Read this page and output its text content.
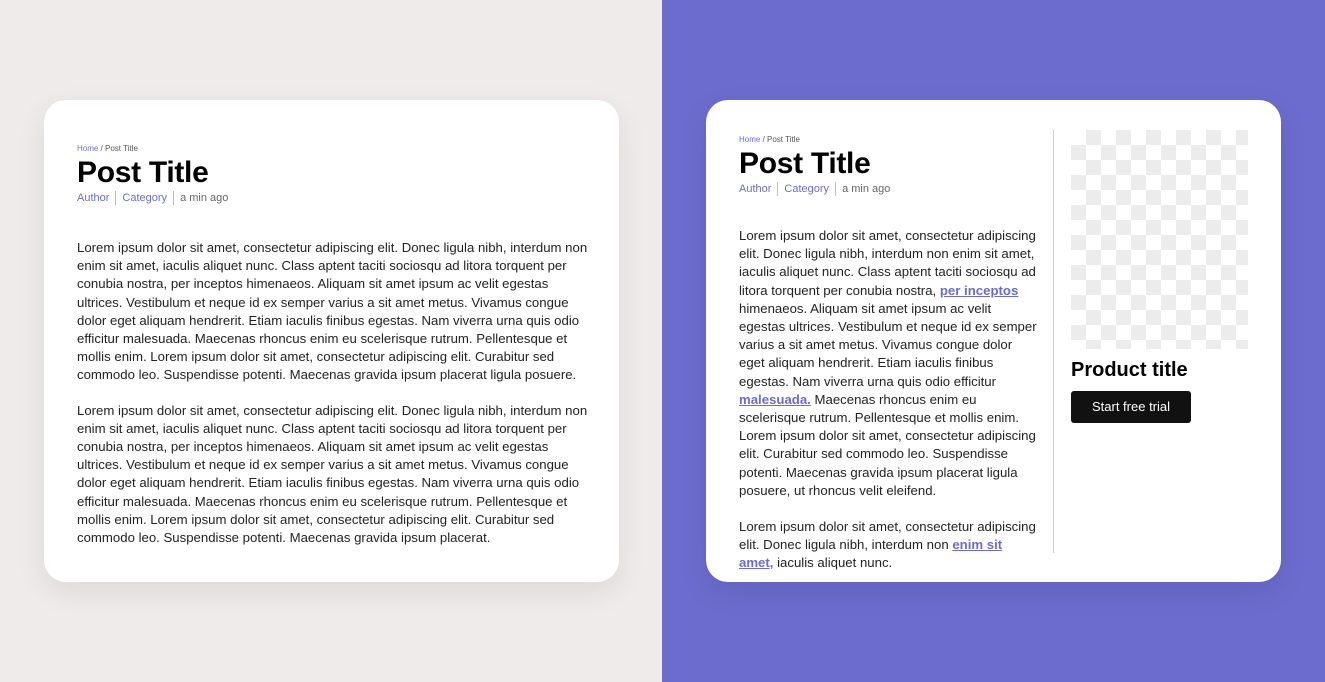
Home / Post Title
Post Title
Author Category a min ago

Lorem ipsum dolor sit amet, consectetur adipiscing elit. Donec ligula nibh, interdum non enim sit amet, iaculis aliquet nunc. Class aptent taciti sociosqu ad litora torquent per conubia nostra, per inceptos himenaeos. Aliquam sit amet ipsum ac velit egestas ultrices. Vestibulum et neque id ex semper varius a sit amet metus. Vivamus congue dolor eget aliquam hendrerit. Etiam iaculis finibus egestas. Nam viverra urna quis odio efficitur malesuada. Maecenas rhoncus enim eu scelerisque rutrum. Pellentesque et mollis enim. Lorem ipsum dolor sit amet, consectetur adipiscing elit. Curabitur sed commodo leo. Suspendisse potenti. Maecenas gravida ipsum placerat ligula posuere.

Lorem ipsum dolor sit amet, consectetur adipiscing elit. Donec ligula nibh, interdum non enim sit amet, iaculis aliquet nunc. Class aptent taciti sociosqu ad litora torquent per conubia nostra, per inceptos himenaeos. Aliquam sit amet ipsum ac velit egestas ultrices. Vestibulum et neque id ex semper varius a sit amet metus. Vivamus congue dolor eget aliquam hendrerit. Etiam iaculis finibus egestas. Nam viverra urna quis odio efficitur malesuada. Maecenas rhoncus enim eu scelerisque rutrum. Pellentesque et mollis enim. Lorem ipsum dolor sit amet, consectetur adipiscing elit. Curabitur sed commodo leo. Suspendisse potenti. Maecenas gravida ipsum placerat.

Home / Post Title
Post Title
Author Category a min ago

Lorem ipsum dolor sit amet, consectetur adipiscing elit. Donec ligula nibh, interdum non enim sit amet, iaculis aliquet nunc. Class aptent taciti sociosqu ad litora torquent per conubia nostra, per inceptos himenaeos. Aliquam sit amet ipsum ac velit egestas ultrices. Vestibulum et neque id ex semper varius a sit amet metus. Vivamus congue dolor eget aliquam hendrerit. Etiam iaculis finibus egestas. Nam viverra urna quis odio efficitur malesuada. Maecenas rhoncus enim eu scelerisque rutrum. Pellentesque et mollis enim. Lorem ipsum dolor sit amet, consectetur adipiscing elit. Curabitur sed commodo leo. Suspendisse potenti. Maecenas gravida ipsum placerat ligula posuere, ut rhoncus velit eleifend.

Lorem ipsum dolor sit amet, consectetur adipiscing elit. Donec ligula nibh, interdum non enim sit amet, iaculis aliquet nunc.

Product title
Start free trial
